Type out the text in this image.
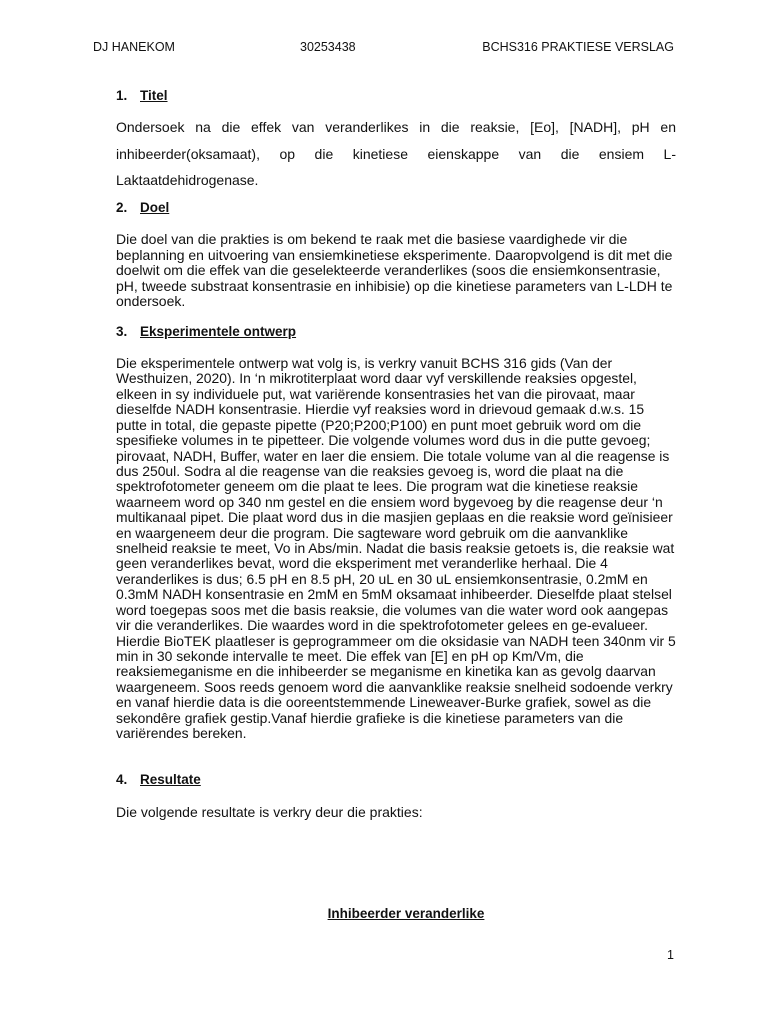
DJ HANEKOM	30253438	BCHS316 PRAKTIESE VERSLAG
1. Titel

Ondersoek na die effek van veranderlikes in die reaksie, [Eo], [NADH], pH en inhibeerder(oksamaat), op die kinetiese eienskappe van die ensiem L-Laktaatdehidrogenase.

2. Doel

Die doel van die prakties is om bekend te raak met die basiese vaardighede vir die beplanning en uitvoering van ensiemkinetiese eksperimente. Daaropvolgend is dit met die doelwit om die effek van die geselekteerde veranderlikes (soos die ensiemkonsentrasie, pH, tweede substraat konsentrasie en inhibisie) op die kinetiese parameters van L-LDH te ondersoek.

3. Eksperimentele ontwerp

Die eksperimentele ontwerp wat volg is, is verkry vanuit BCHS 316 gids (Van der Westhuizen, 2020). In ‘n mikrotiterplaat word daar vyf verskillende reaksies opgestel, elkeen in sy individuele put, wat variërende konsentrasies het van die pirovaat, maar dieselfde NADH konsentrasie. Hierdie vyf reaksies word in drievoud gemaak d.w.s. 15 putte in total, die gepaste pipette (P20;P200;P100) en punt moet gebruik word om die spesifieke volumes in te pipetteer. Die volgende volumes word dus in die putte gevoeg; pirovaat, NADH, Buffer, water en laer die ensiem. Die totale volume van al die reagense is dus 250ul. Sodra al die reagense van die reaksies gevoeg is, word die plaat na die spektrofotometer geneem om die plaat te lees. Die program wat die kinetiese reaksie waarneem word op 340 nm gestel en die ensiem word bygevoeg by die reagense deur ‘n multikanaal pipet. Die plaat word dus in die masjien geplaas en die reaksie word geïnisieer en waargeneem deur die program. Die sagteware word gebruik om die aanvanklike snelheid reaksie te meet, Vo in Abs/min. Nadat die basis reaksie getoets is, die reaksie wat geen veranderlikes bevat, word die eksperiment met veranderlike herhaal. Die 4 veranderlikes is dus; 6.5 pH en 8.5 pH, 20 uL en 30 uL ensiemkonsentrasie, 0.2mM en 0.3mM NADH konsentrasie en 2mM en 5mM oksamaat inhibeerder. Dieselfde plaat stelsel word toegepas soos met die basis reaksie, die volumes van die water word ook aangepas vir die veranderlikes. Die waardes word in die spektrofotometer gelees en ge-evalueer. Hierdie BioTEK plaatleser is geprogrammeer om die oksidasie van NADH teen 340nm vir 5 min in 30 sekonde intervalle te meet. Die effek van [E] en pH op Km/Vm, die reaksiemeganisme en die inhibeerder se meganisme en kinetika kan as gevolg daarvan waargeneem. Soos reeds genoem word die aanvanklike reaksie snelheid sodoende verkry en vanaf hierdie data is die ooreentstemmende Lineweaver-Burke grafiek, sowel as die sekondêre grafiek gestip.Vanaf hierdie grafieke is die kinetiese parameters van die variërendes bereken.

4. Resultate

Die volgende resultate is verkry deur die prakties:

Inhibeerder veranderlike
1
